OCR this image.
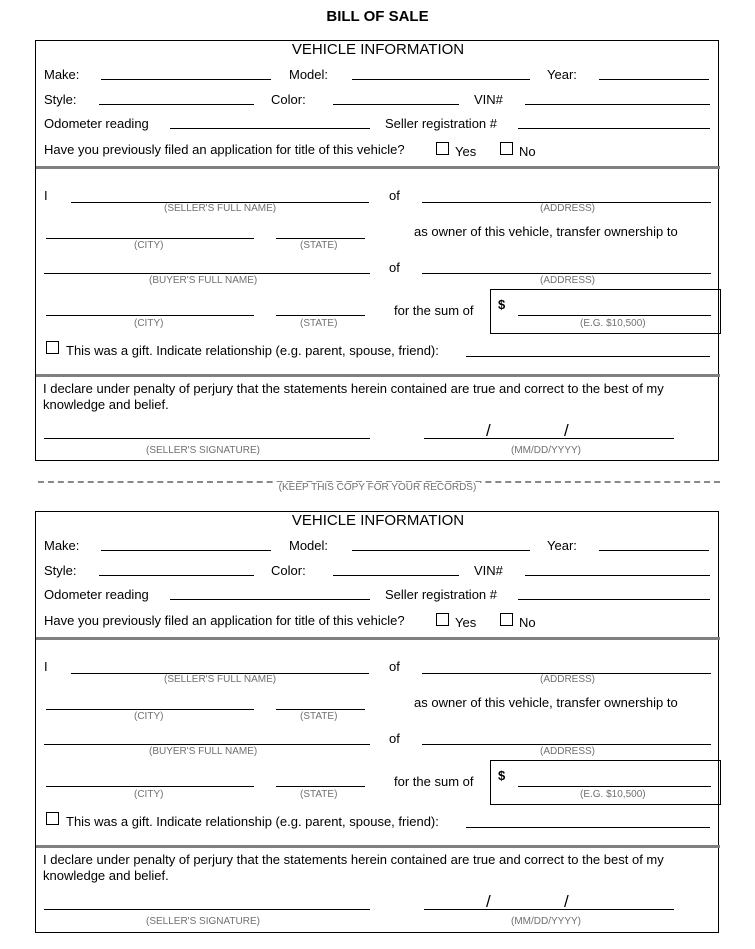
BILL OF SALE
VEHICLE INFORMATION
Make:	Model:	Year:
Style:	Color:	VIN#
Odometer reading	Seller registration #
Have you previously filed an application for title of this vehicle?	Yes	No
I
(SELLER'S FULL NAME)
of
(ADDRESS)
(CITY)	(STATE)
as owner of this vehicle, transfer ownership to
(BUYER'S FULL NAME)
of
(ADDRESS)
(CITY)	(STATE)
for the sum of $
(E.G. $10,500)
This was a gift. Indicate relationship (e.g. parent, spouse, friend):
I declare under penalty of perjury that the statements herein contained are true and correct to the best of my knowledge and belief.
(SELLER'S SIGNATURE)
/	/
(MM/DD/YYYY)
(KEEP THIS COPY FOR YOUR RECORDS)
VEHICLE INFORMATION
Make:	Model:	Year:
Style:	Color:	VIN#
Odometer reading	Seller registration #
Have you previously filed an application for title of this vehicle?	Yes	No
I
(SELLER'S FULL NAME)
of
(ADDRESS)
(CITY)	(STATE)
as owner of this vehicle, transfer ownership to
(BUYER'S FULL NAME)
of
(ADDRESS)
(CITY)	(STATE)
for the sum of $
(E.G. $10,500)
This was a gift. Indicate relationship (e.g. parent, spouse, friend):
I declare under penalty of perjury that the statements herein contained are true and correct to the best of my knowledge and belief.
(SELLER'S SIGNATURE)
/	/
(MM/DD/YYYY)
